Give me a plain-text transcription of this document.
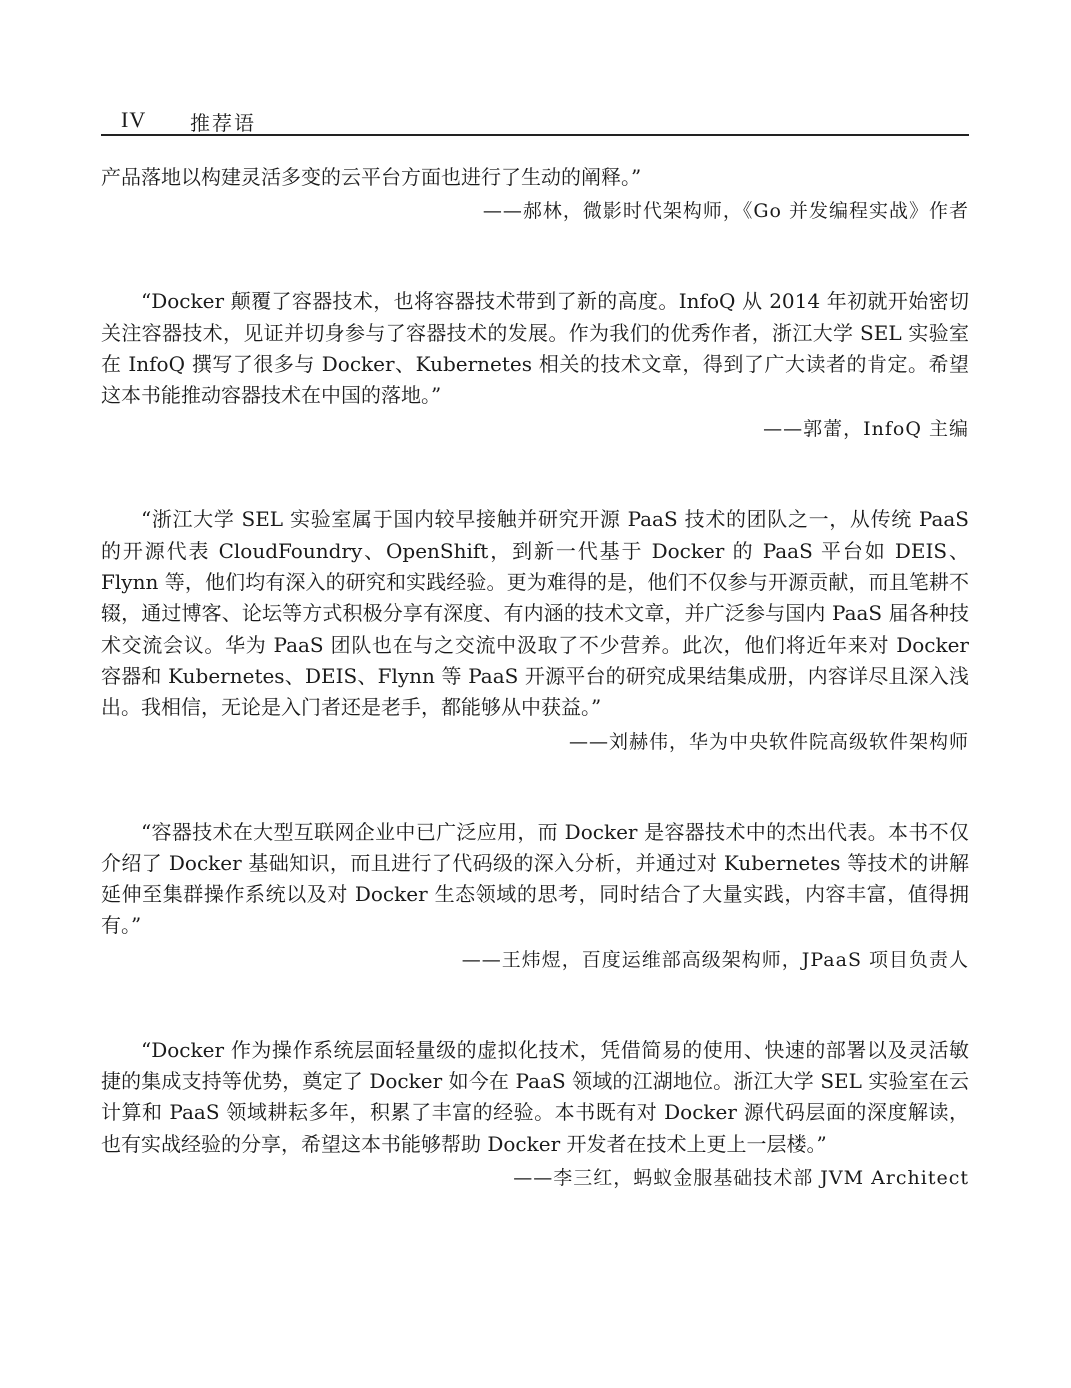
IV 推荐语

产品落地以构建灵活多变的云平台方面也进行了生动的阐释。”

——郝林，微影时代架构师，《Go 并发编程实战》作者

“Docker 颠覆了容器技术，也将容器技术带到了新的高度。InfoQ 从 2014 年初就开始密切关注容器技术，见证并切身参与了容器技术的发展。作为我们的优秀作者，浙江大学 SEL 实验室在 InfoQ 撰写了很多与 Docker、Kubernetes 相关的技术文章，得到了广大读者的肯定。希望这本书能推动容器技术在中国的落地。”

——郭蕾，InfoQ 主编

“浙江大学 SEL 实验室属于国内较早接触并研究开源 PaaS 技术的团队之一，从传统 PaaS 的开源代表 CloudFoundry、OpenShift，到新一代基于 Docker 的 PaaS 平台如 DEIS、Flynn 等，他们均有深入的研究和实践经验。更为难得的是，他们不仅参与开源贡献，而且笔耕不辍，通过博客、论坛等方式积极分享有深度、有内涵的技术文章，并广泛参与国内 PaaS 届各种技术交流会议。华为 PaaS 团队也在与之交流中汲取了不少营养。此次，他们将近年来对 Docker 容器和 Kubernetes、DEIS、Flynn 等 PaaS 开源平台的研究成果结集成册，内容详尽且深入浅出。我相信，无论是入门者还是老手，都能够从中获益。”

——刘赫伟，华为中央软件院高级软件架构师

“容器技术在大型互联网企业中已广泛应用，而 Docker 是容器技术中的杰出代表。本书不仅介绍了 Docker 基础知识，而且进行了代码级的深入分析，并通过对 Kubernetes 等技术的讲解延伸至集群操作系统以及对 Docker 生态领域的思考，同时结合了大量实践，内容丰富，值得拥有。”

——王炜煜，百度运维部高级架构师，JPaaS 项目负责人

“Docker 作为操作系统层面轻量级的虚拟化技术，凭借简易的使用、快速的部署以及灵活敏捷的集成支持等优势，奠定了 Docker 如今在 PaaS 领域的江湖地位。浙江大学 SEL 实验室在云计算和 PaaS 领域耕耘多年，积累了丰富的经验。本书既有对 Docker 源代码层面的深度解读，也有实战经验的分享，希望这本书能够帮助 Docker 开发者在技术上更上一层楼。”

——李三红，蚂蚁金服基础技术部 JVM Architect
